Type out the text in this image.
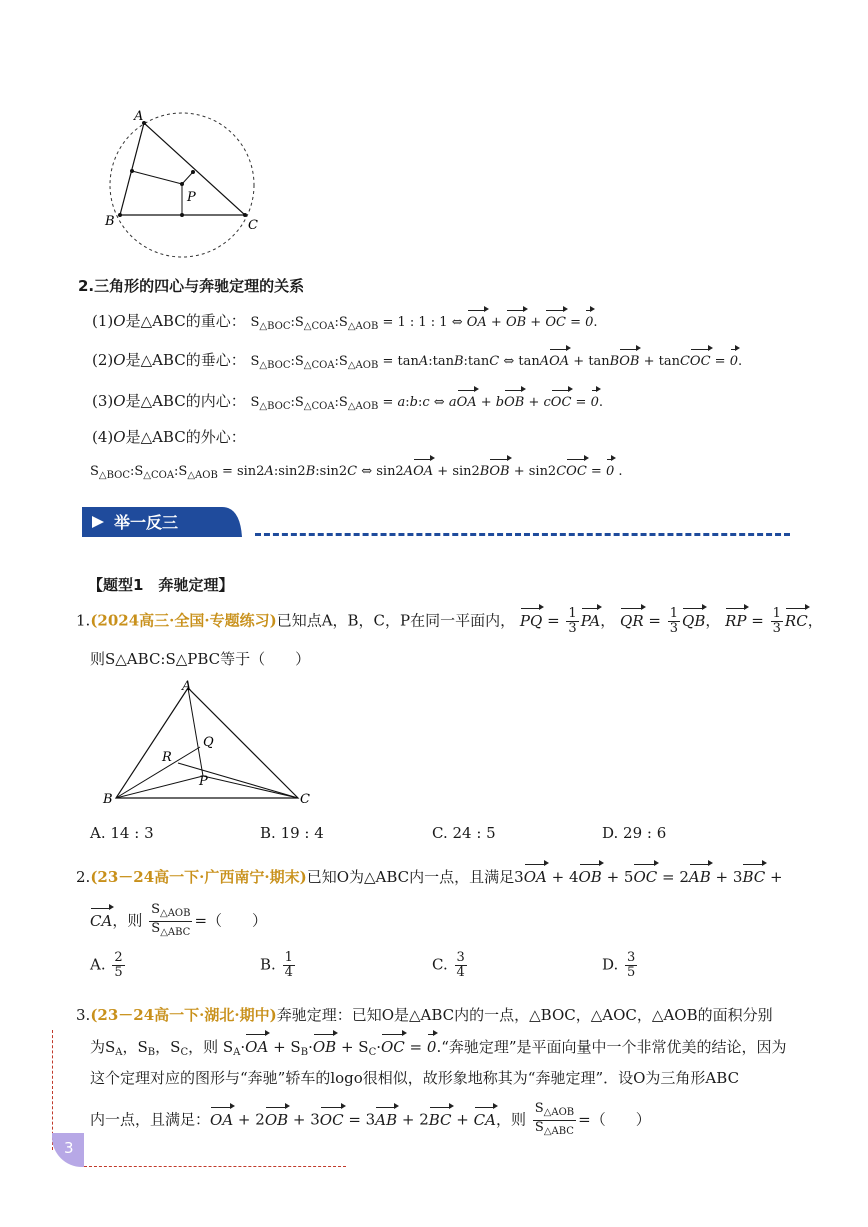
A
B	C
P
2.三角形的四心与奔驰定理的关系
(1)O是△ABC的重心： $S_{\triangle BOC}:S_{\triangle COA}:S_{\triangle AOB} = 1$ : 1 : 1 ⇔ OA + OB + OC = 0.
(2)O是△ABC的垂心： $S_{\triangle BOC}:S_{\triangle COA}:S_{\triangle AOB}$ = tanA:tanB:tanC ⇔ tanAOA + tanBOB + tanCOC = 0.
(3)O是△ABC的内心： $S_{\triangle BOC}:S_{\triangle COA}:S_{\triangle AOB}$ = a:b:c ⇔ aOA + bOB + cOC = 0.
(4)O是△ABC的外心：
$S_{\triangle BOC}:S_{\triangle COA}:S_{\triangle AOB}$ = sin2A:sin2B:sin2C ⇔ sin2AOA + sin2BOB + sin2COC = 0 .
举一反三
【题型1　奔驰定理】
1.(2024高三·全国·专题练习)已知点A，B，C，P在同一平面内， PQ = $\frac{1}{3}$ PA， QR = $\frac{1}{3}$ QB， RP = $\frac{1}{3}$ RC，
则S△ABC:S△PBC等于（　　）
A
Q
R
P
B	C
A. 14 : 3	B. 19 : 4	C. 24 : 5	D. 29 : 6
2.(23－24高一下·广西南宁·期末)已知O为△ABC内一点，且满足3OA + 4OB + 5OC = 2AB + 3BC +
CA，则 $\frac{S_{\triangle AOB}}{S_{\triangle ABC}}$ =（　　）
A. $\frac{2}{5}$	B. $\frac{1}{4}$	C. $\frac{3}{4}$	D. $\frac{3}{5}$
3.(23－24高一下·湖北·期中)奔驰定理：已知O是△ABC内的一点，△BOC，△AOC，△AOB的面积分别
为$S_A$，$S_B$，$S_C$，则 $S_A\cdot OA + S_B\cdot OB + S_C\cdot OC$ = 0.“奔驰定理”是平面向量中一个非常优美的结论，因为
这个定理对应的图形与“奔驰”轿车的logo很相似，故形象地称其为“奔驰定理”．设O为三角形ABC
内一点，且满足：OA + 2OB + 3OC = 3AB + 2BC + CA，则 $\frac{S_{\triangle AOB}}{S_{\triangle ABC}}$ =（　　）
3
